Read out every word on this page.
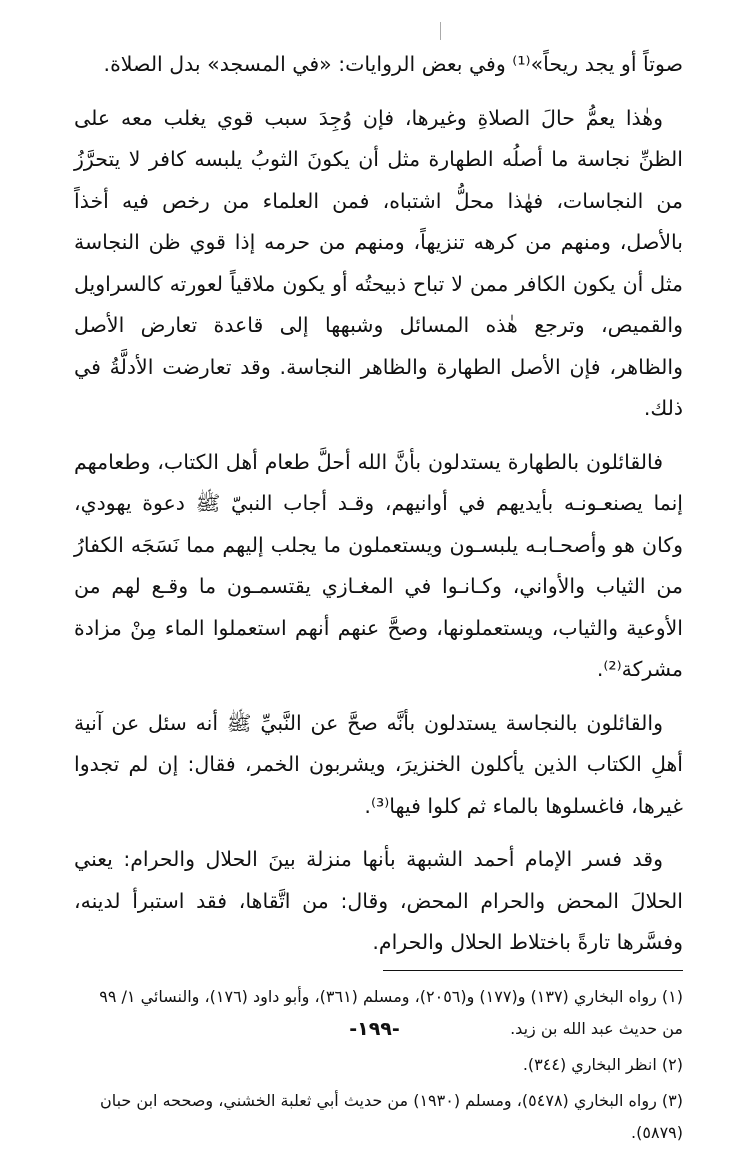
صوتاً أو يجد ريحاً»⁽¹⁾ وفي بعض الروايات: «في المسجد» بدل الصلاة.

وهٰذا يعمُّ حالَ الصلاةِ وغيرها، فإن وُجِدَ سبب قوي يغلب معه على الظنِّ نجاسة ما أصلُه الطهارة مثل أن يكونَ الثوبُ يلبسه كافر لا يتحرَّزُ من النجاسات، فهٰذا محلُّ اشتباه، فمن العلماء من رخص فيه أخذاً بالأصل، ومنهم من كرهه تنزيهاً، ومنهم من حرمه إذا قوي ظن النجاسة مثل أن يكون الكافر ممن لا تباح ذبيحتُه أو يكون ملاقياً لعورته كالسراويل والقميص، وترجع هٰذه المسائل وشبهها إلى قاعدة تعارض الأصل والظاهر، فإن الأصل الطهارة والظاهر النجاسة. وقد تعارضت الأدلَّةُ في ذلك.

فالقائلون بالطهارة يستدلون بأنَّ الله أحلَّ طعام أهل الكتاب، وطعامهم إنما يصنعـونـه بأيديهم في أوانيهم، وقـد أجاب النبيّ ﷺ دعوة يهودي، وكان هو وأصحـابـه يلبسـون ويستعملون ما يجلب إليهم مما نَسَجَه الكفارُ من الثياب والأواني، وكـانـوا في المغـازي يقتسمـون ما وقـع لهم من الأوعية والثياب، ويستعملونها، وصحَّ عنهم أنهم استعملوا الماء مِنْ مزادة مشركة⁽²⁾.

والقائلون بالنجاسة يستدلون بأنَّه صحَّ عن النَّبيِّ ﷺ أنه سئل عن آنية أهلِ الكتاب الذين يأكلون الخنزيرَ، ويشربون الخمر، فقال: إن لم تجدوا غيرها، فاغسلوها بالماء ثم كلوا فيها⁽³⁾.

وقد فسر الإمام أحمد الشبهة بأنها منزلة بينَ الحلال والحرام: يعني الحلالَ المحض والحرام المحض، وقال: من اتَّقاها، فقد استبرأ لدينه، وفسَّرها تارةً باختلاط الحلال والحرام.

(١) رواه البخاري (١٣٧) و(١٧٧) و(٢٠٥٦)، ومسلم (٣٦١)، وأبو داود (١٧٦)، والنسائي ١/ ٩٩ من حديث عبد الله بن زيد.

(٢) انظر البخاري (٣٤٤).

(٣) رواه البخاري (٥٤٧٨)، ومسلم (١٩٣٠) من حديث أبي ثعلبة الخشني، وصححه ابن حبان (٥٨٧٩).

-١٩٩-
